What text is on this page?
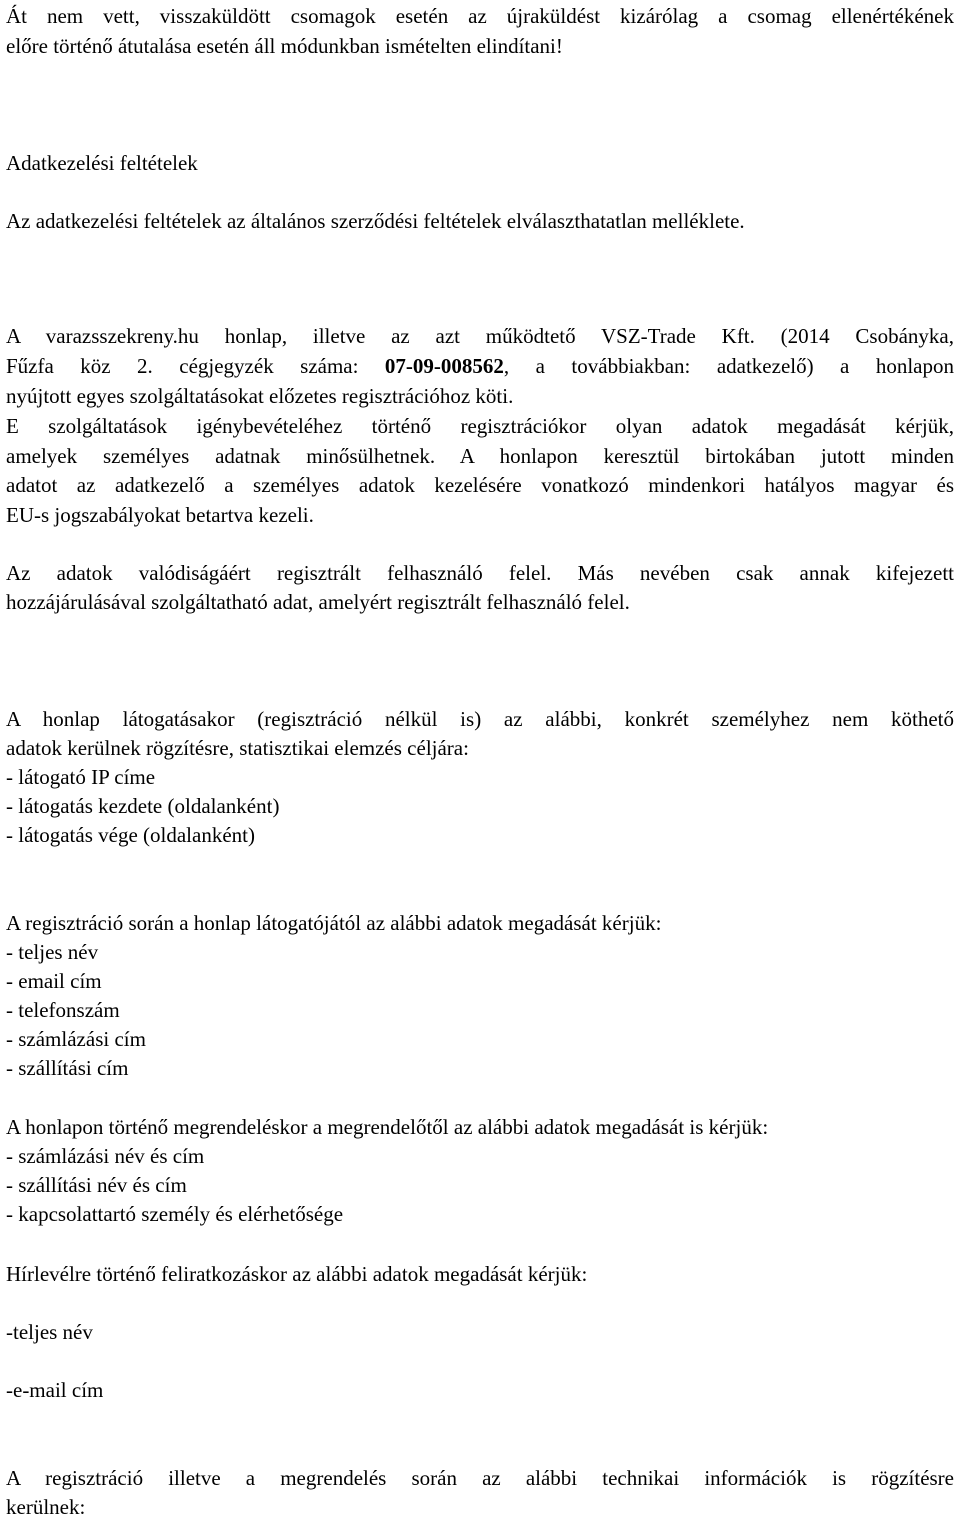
Át nem vett, visszaküldött csomagok esetén az újraküldést kizárólag a csomag ellenértékének
előre történő átutalása esetén áll módunkban ismételten elindítani!
Adatkezelési feltételek
Az adatkezelési feltételek az általános szerződési feltételek elválaszthatatlan melléklete.
A varazsszekreny.hu honlap, illetve az azt működtető VSZ-Trade Kft. (2014 Csobányka,
Fűzfa köz 2. cégjegyzék száma: 07-09-008562, a továbbiakban: adatkezelő) a honlapon
nyújtott egyes szolgáltatásokat előzetes regisztrációhoz köti.
E szolgáltatások igénybevételéhez történő regisztrációkor olyan adatok megadását kérjük,
amelyek személyes adatnak minősülhetnek. A honlapon keresztül birtokában jutott minden
adatot az adatkezelő a személyes adatok kezelésére vonatkozó mindenkori hatályos magyar és
EU-s jogszabályokat betartva kezeli.
Az adatok valódiságáért regisztrált felhasználó felel. Más nevében csak annak kifejezett
hozzájárulásával szolgáltatható adat, amelyért regisztrált felhasználó felel.
A honlap látogatásakor (regisztráció nélkül is) az alábbi, konkrét személyhez nem köthető
adatok kerülnek rögzítésre, statisztikai elemzés céljára:
- látogató IP címe
- látogatás kezdete (oldalanként)
- látogatás vége (oldalanként)
A regisztráció során a honlap látogatójától az alábbi adatok megadását kérjük:
- teljes név
- email cím
- telefonszám
- számlázási cím
- szállítási cím
A honlapon történő megrendeléskor a megrendelőtől az alábbi adatok megadását is kérjük:
- számlázási név és cím
- szállítási név és cím
- kapcsolattartó személy és elérhetősége
Hírlevélre történő feliratkozáskor az alábbi adatok megadását kérjük:
-teljes név
-e-mail cím
A regisztráció illetve a megrendelés során az alábbi technikai információk is rögzítésre
kerülnek:
